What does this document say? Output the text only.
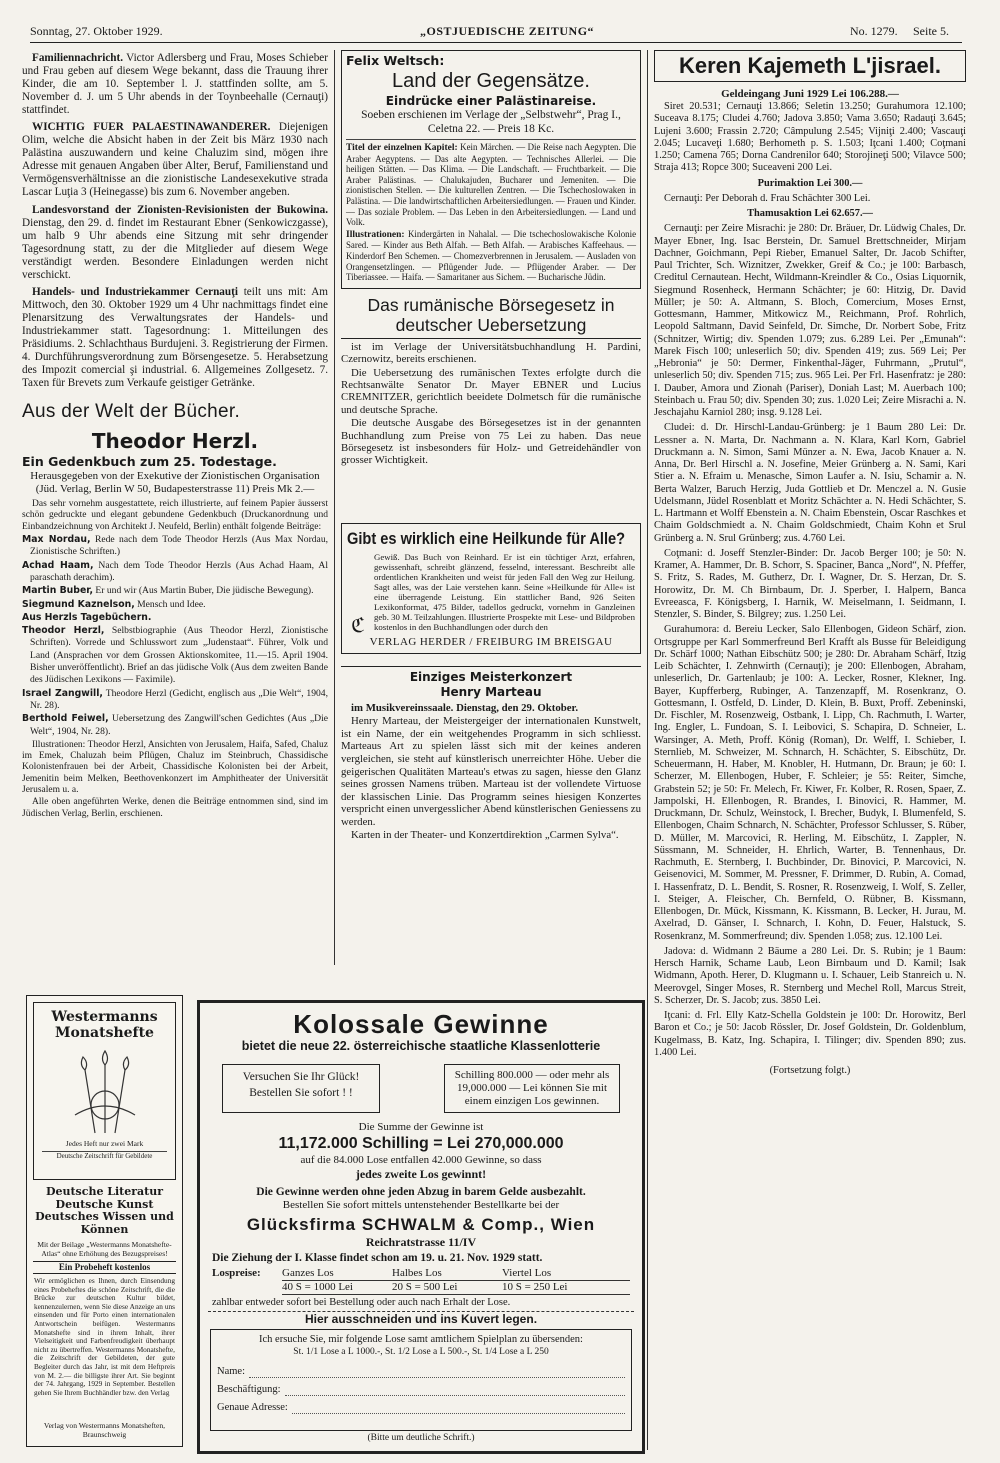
Sonntag, 27. Oktober 1929.	„OSTJUEDISCHE ZEITUNG“	No. 1279. Seite 5.

Familiennachricht. Victor Adlersberg und Frau, Moses Schieber und Frau geben auf diesem Wege bekannt, dass die Trauung ihrer Kinder, die am 10. September l. J. stattfinden sollte, am 5. November d. J. um 5 Uhr abends in der Toynbeehalle (Cernauţi) stattfindet.

WICHTIG FUER PALAESTINAWANDERER. Diejenigen Olim, welche die Absicht haben in der Zeit bis März 1930 nach Palästina auszuwandern und keine Chaluzim sind, mögen ihre Adresse mit genauen Angaben über Alter, Beruf, Familienstand und Vermögensverhältnisse an die zionistische Landesexekutive strada Lascar Luţia 3 (Heinegasse) bis zum 6. November angeben.

Landesvorstand der Zionisten-Revisionisten der Bukowina. Dienstag, den 29. d. findet im Restaurant Ebner (Senkowiczgasse), um halb 9 Uhr abends eine Sitzung mit sehr dringender Tagesordnung statt, zu der die Mitglieder auf diesem Wege verständigt werden. Besondere Einladungen werden nicht verschickt.

Handels- und Industriekammer Cernauţi teilt uns mit: Am Mittwoch, den 30. Oktober 1929 um 4 Uhr nachmittags findet eine Plenarsitzung des Verwaltungsrates der Handels- und Industriekammer statt. Tagesordnung: 1. Mitteilungen des Präsidiums. 2. Schlachthaus Burdujeni. 3. Registrierung der Firmen. 4. Durchführungsverordnung zum Börsengesetze. 5. Herabsetzung des Impozit comercial şi industrial. 6. Allgemeines Zollgesetz. 7. Taxen für Brevets zum Verkaufe geistiger Getränke.

Aus der Welt der Bücher.
Theodor Herzl.
Ein Gedenkbuch zum 25. Todestage.
Herausgegeben von der Exekutive der Zionistischen Organisation (Jüd. Verlag, Berlin W 50, Budapesterstrasse 11) Preis Mk 2.—

Das sehr vornehm ausgestattete, reich illustrierte, auf feinem Papier äusserst schön gedruckte und elegant gebundene Gedenkbuch (Druckanordnung und Einbandzeichnung von Architekt J. Neufeld, Berlin) enthält folgende Beiträge:

Max Nordau, Rede nach dem Tode Theodor Herzls (Aus Max Nordau, Zionistische Schriften.)

Achad Haam, Nach dem Tode Theodor Herzls (Aus Achad Haam, Al paraschath derachim).

Martin Buber, Er und wir (Aus Martin Buber, Die jüdische Bewegung).

Siegmund Kaznelson, Mensch und Idee.

Aus Herzls Tagebüchern.

Theodor Herzl, Selbstbiographie (Aus Theodor Herzl, Zionistische Schriften). Vorrede und Schlusswort zum „Judenstaat“. Führer, Volk und Land (Ansprachen vor dem Grossen Aktionskomitee, 11.—15. April 1904. Bisher unveröffentlicht). Brief an das jüdische Volk (Aus dem zweiten Bande des Jüdischen Lexikons — Faximile).

Israel Zangwill, Theodore Herzl (Gedicht, englisch aus „Die Welt“, 1904, Nr. 28).

Berthold Feiwel, Uebersetzung des Zangwill'schen Gedichtes (Aus „Die Welt“, 1904, Nr. 28).

Illustrationen: Theodor Herzl, Ansichten von Jerusalem, Haifa, Safed, Chaluz im Emek, Chaluzah beim Pflügen, Chaluz im Steinbruch, Chassidische Kolonistenfrauen bei der Arbeit, Chassidische Kolonisten bei der Arbeit, Jemenitin beim Melken, Beethovenkonzert im Amphitheater der Universität Jerusalem u. a.

Alle oben angeführten Werke, denen die Beiträge entnommen sind, sind im Jüdischen Verlag, Berlin, erschienen.

Felix Weltsch:
Land der Gegensätze.
Eindrücke einer Palästinareise.
Soeben erschienen im Verlage der „Selbstwehr“, Prag I., Celetna 22. — Preis 18 Kc.

Titel der einzelnen Kapitel: Kein Märchen. — Die Reise nach Aegypten. Die Araber Aegyptens. — Das alte Aegypten. — Technisches Allerlei. — Die heiligen Stätten. — Das Klima. — Die Landschaft. — Fruchtbarkeit. — Die Araber Palästinas. — Chalukajuden, Bucharer und Jemeniten. — Die zionistischen Stellen. — Die kulturellen Zentren. — Die Tschechoslowaken in Palästina. — Die landwirtschaftlichen Arbeitersiedlungen. — Frauen und Kinder. — Das soziale Problem. — Das Leben in den Arbeitersiedlungen. — Land und Volk.

Illustrationen: Kindergärten in Nahalal. — Die tschechoslowakische Kolonie Sared. — Kinder aus Beth Alfah. — Beth Alfah. — Arabisches Kaffeehaus. — Kinderdorf Ben Schemen. — Chomezverbrennen in Jerusalem. — Ausladen von Orangensetzlingen. — Pflügender Jude. — Pflügender Araber. — Der Tiberiassee. — Haifa. — Samaritaner aus Sichem. — Bucharische Jüdin.

Das rumänische Börsegesetz in deutscher Uebersetzung

ist im Verlage der Universitätsbuchhandlung H. Pardini, Czernowitz, bereits erschienen.

Die Uebersetzung des rumänischen Textes erfolgte durch die Rechtsanwälte Senator Dr. Mayer EBNER und Lucius CREMNITZER, gerichtlich beeidete Dolmetsch für die rumänische und deutsche Sprache.

Die deutsche Ausgabe des Börsegesetzes ist in der genannten Buchhandlung zum Preise von 75 Lei zu haben. Das neue Börsegesetz ist insbesonders für Holz- und Getreidehändler von grosser Wichtigkeit.

Gibt es wirklich eine Heilkunde für Alle?
ℭ

Gewiß. Das Buch von Reinhard. Er ist ein tüchtiger Arzt, erfahren, gewissenhaft, schreibt glänzend, fesselnd, interessant. Beschreibt alle ordentlichen Krankheiten und weist für jeden Fall den Weg zur Heilung. Sagt alles, was der Laie verstehen kann. Seine »Heilkunde für Alle« ist eine überragende Leistung. Ein stattlicher Band, 926 Seiten Lexikonformat, 475 Bilder, tadellos gedruckt, vornehm in Ganzleinen geb. 30 M. Teilzahlungen. Illustrierte Prospekte mit Lese- und Bildproben kostenlos in den Buchhandlungen oder durch den

VERLAG HERDER / FREIBURG IM BREISGAU
Einziges Meisterkonzert
Henry Marteau

im Musikvereinssaale. Dienstag, den 29. Oktober.

Henry Marteau, der Meistergeiger der internationalen Kunstwelt, ist ein Name, der ein weitgehendes Programm in sich schliesst. Marteaus Art zu spielen lässt sich mit der keines anderen vergleichen, sie steht auf künstlerisch unerreichter Höhe. Ueber die geigerischen Qualitäten Marteau's etwas zu sagen, hiesse den Glanz seines grossen Namens trüben. Marteau ist der vollendete Virtuose der klassischen Linie. Das Programm seines hiesigen Konzertes verspricht einen unvergesslicher Abend künstlerischen Geniessens zu werden.

Karten in der Theater- und Konzertdirektion „Carmen Sylva“.

Keren Kajemeth L'jisrael.
Geldeingang Juni 1929 Lei 106.288.—

Siret 20.531; Cernauţi 13.866; Seletin 13.250; Gurahumora 12.100; Suceava 8.175; Cludei 4.760; Jadova 3.850; Vama 3.650; Radauţi 3.645; Lujeni 3.600; Frassin 2.720; Câmpulung 2.545; Vijniţi 2.400; Vascauţi 2.045; Lucaveţi 1.680; Berhometh p. S. 1.503; Iţcani 1.400; Coţmani 1.250; Camena 765; Dorna Candrenilor 640; Storojineţi 500; Vilavce 500; Straja 413; Ropce 300; Suceaveni 200 Lei.

Purimaktion Lei 300.—

Cernauţi: Per Deborah d. Frau Schächter 300 Lei.

Thamusaktion Lei 62.657.—

Cernauţi: per Zeire Misrachi: je 280: Dr. Bräuer, Dr. Lüdwig Chales, Dr. Mayer Ebner, Ing. Isac Berstein, Dr. Samuel Brettschneider, Mirjam Dachner, Goichmann, Pepi Rieber, Emanuel Salter, Dr. Jacob Schifter, Paul Trichter, Sch. Wiznitzer, Zwekker, Greif & Co.; je 100: Barbasch, Creditul Cernautean. Hecht, Wildmann-Kreindler & Co., Osias Liquornik, Siegmund Rosenheck, Hermann Schächter; je 60: Hitzig, Dr. David Müller; je 50: A. Altmann, S. Bloch, Comercium, Moses Ernst, Gottesmann, Hammer, Mitkowicz M., Reichmann, Prof. Rohrlich, Leopold Saltmann, David Seinfeld, Dr. Simche, Dr. Norbert Sobe, Fritz (Schnitzer, Wirtig; div. Spenden 1.079; zus. 6.289 Lei. Per „Emunah“: Marek Fisch 100; unleserlich 50; div. Spenden 419; zus. 569 Lei; Per „Hebronia“ je 50: Dermer, Finkenthal-Jäger, Fuhrmann, „Prutul“, unleserlich 50; div. Spenden 715; zus. 965 Lei. Per Frl. Hasenfratz: je 280: I. Dauber, Amora und Zionah (Pariser), Doniah Last; M. Auerbach 100; Steinbach u. Frau 50; div. Spenden 30; zus. 1.020 Lei; Zeire Misrachi a. N. Jeschajahu Karniol 280; insg. 9.128 Lei.

Cludei: d. Dr. Hirschl-Landau-Grünberg: je 1 Baum 280 Lei: Dr. Lessner a. N. Marta, Dr. Nachmann a. N. Klara, Karl Korn, Gabriel Druckmann a. N. Simon, Sami Münzer a. N. Ewa, Jacob Knauer a. N. Anna, Dr. Berl Hirschl a. N. Josefine, Meier Grünberg a. N. Sami, Kari Stier a. N. Efraim u. Menasche, Simon Laufer a. N. Isiu, Schamir a. N. Berta Walzer, Baruch Herzig, Juda Gottlieb et Dr. Menczel a. N. Gusie Udelsmann, Jüdel Rosenblatt et Moritz Schächter a. N. Hedi Schächter, S. L. Hartmann et Wolff Ebenstein a. N. Chaim Ebenstein, Oscar Raschkes et Chaim Goldschmiedt a. N. Chaim Goldschmiedt, Chaim Kohn et Srul Grünberg a. N. Srul Grünberg; zus. 4.760 Lei.

Coţmani: d. Joseff Stenzler-Binder: Dr. Jacob Berger 100; je 50: N. Kramer, A. Hammer, Dr. B. Schorr, S. Spaciner, Banca „Nord“, N. Pfeffer, S. Fritz, S. Rades, M. Gutherz, Dr. I. Wagner, Dr. S. Herzan, Dr. S. Horowitz, Dr. M. Ch Birnbaum, Dr. J. Sperber, I. Halpern, Banca Evreeasca, F. Königsberg, I. Harnik, W. Meiselmann, I. Seidmann, I. Stenzler, S. Binder, S. Bilgrey; zus. 1.250 Lei.

Gurahumora: d. Bereiu Lecker, Salo Ellenbogen, Gideon Schärf, zion. Ortsgruppe per Karl Sommerfreund Berl Krafft als Busse für Beleidigung Dr. Schärf 1000; Nathan Eibschütz 500; je 280: Dr. Abraham Schärf, Itzig Leib Schächter, I. Zehnwirth (Cernauţi); je 200: Ellenbogen, Abraham, unleserlich, Dr. Gartenlaub; je 100: A. Lecker, Rosner, Klekner, Ing. Bayer, Kupfferberg, Rubinger, A. Tanzenzapff, M. Rosenkranz, O. Gottesmann, I. Ostfeld, D. Linder, D. Klein, B. Buxt, Proff. Zebeninski, Dr. Fischler, M. Rosenzweig, Ostbank, I. Lipp, Ch. Rachmuth, I. Warter, Ing. Engler, L. Fundoan, S. I. Leibovici, S. Schapira, D. Schneier, L. Warsinger, A. Meth, Proff. König (Roman), Dr. Welff, I. Schieber, I. Sternlieb, M. Schweizer, M. Schnarch, H. Schächter, S. Eibschütz, Dr. Scheuermann, H. Haber, M. Knobler, H. Hutmann, Dr. Braun; je 60: I. Scherzer, M. Ellenbogen, Huber, F. Schleier; je 55: Reiter, Simche, Grabstein 52; je 50: Fr. Melech, Fr. Kiwer, Fr. Kolber, R. Rosen, Spaer, Z. Jampolski, H. Ellenbogen, R. Brandes, I. Binovici, R. Hammer, M. Druckmann, Dr. Schulz, Weinstock, I. Brecher, Budyk, I. Blumenfeld, S. Ellenbogen, Chaim Schnarch, N. Schächter, Professor Schlusser, S. Rüber, D. Müller, M. Marcovici, R. Herling, M. Eibschütz, I. Zappler, N. Süssmann, M. Schneider, H. Ehrlich, Warter, B. Tennenhaus, Dr. Rachmuth, E. Sternberg, I. Buchbinder, Dr. Binovici, P. Marcovici, N. Geisenovici, M. Sommer, M. Pressner, F. Drimmer, D. Rubin, A. Comad, I. Hassenfratz, D. L. Bendit, S. Rosner, R. Rosenzweig, I. Wolf, S. Zeller, I. Steiger, A. Fleischer, Ch. Bernfeld, O. Rübner, B. Kissmann, Ellenbogen, Dr. Mück, Kissmann, K. Kissmann, B. Lecker, H. Jurau, M. Axelrad, D. Gänser, I. Schnarch, I. Kohn, D. Feuer, Halstuck, S. Rosenkranz, M. Sommerfreund; div. Spenden 1.058; zus. 12.100 Lei.

Jadova: d. Widmann 2 Bäume a 280 Lei. Dr. S. Rubin; je 1 Baum: Hersch Harnik, Schame Laub, Leon Birnbaum und D. Kamil; Isak Widmann, Apoth. Herer, D. Klugmann u. I. Schauer, Leib Stanreich u. N. Meerovgel, Singer Moses, R. Sternberg und Mechel Roll, Marcus Streit, S. Scherzer, Dr. S. Jacob; zus. 3850 Lei.

Iţcani: d. Frl. Elly Katz-Schella Goldstein je 100: Dr. Horowitz, Berl Baron et Co.; je 50: Jacob Rössler, Dr. Josef Goldstein, Dr. Goldenblum, Kugelmass, B. Katz, Ing. Schapira, I. Tilinger; div. Spenden 890; zus. 1.400 Lei.

(Fortsetzung folgt.)
Westermanns
Monatshefte
Jedes Heft nur zwei Mark
Deutsche Zeitschrift für Gebildete
Deutsche Literatur Deutsche Kunst Deutsches Wissen und Können
Mit der Beilage „Westermanns Monatshefte-Atlas“ ohne Erhöhung des Bezugspreises!
Ein Probeheft kostenlos
Wir ermöglichen es Ihnen, durch Einsendung eines Probeheftes die schöne Zeitschrift, die die Brücke zur deutschen Kultur bildet, kennenzulernen, wenn Sie diese Anzeige an uns einsenden und für Porto einen internationalen Antwortschein beifügen. Westermanns Monatshefte sind in ihrem Inhalt, ihrer Vielseitigkeit und Farbenfreudigkeit überhaupt nicht zu übertreffen. Westermanns Monatshefte, die Zeitschrift der Gebildeten, der gute Begleiter durch das Jahr, ist mit dem Heftpreis von M. 2.— die billigste ihrer Art. Sie beginnt der 74. Jahrgang, 1929 in September. Bestellen gehen Sie Ihrem Buchhändler bzw. den Verlag
Verlag von Westermanns Monatsheften, Braunschweig
Kolossale Gewinne
bietet die neue 22. österreichische staatliche Klassenlotterie
Versuchen Sie Ihr Glück! Bestellen Sie sofort ! !
Schilling 800.000 — oder mehr als 19,000.000 — Lei können Sie mit einem einzigen Los gewinnen.
Die Summe der Gewinne ist
11,172.000 Schilling = Lei 270,000.000
auf die 84.000 Lose entfallen 42.000 Gewinne, so dass
jedes zweite Los gewinnt!
Die Gewinne werden ohne jeden Abzug in barem Gelde ausbezahlt.
Bestellen Sie sofort mittels untenstehender Bestellkarte bei der
Glücksfirma SCHWALM & Comp., Wien
Reichratstrasse 11/IV
Die Ziehung der I. Klasse findet schon am 19. u. 21. Nov. 1929 statt.
Lospreise:	Ganzes Los	Halbes Los	Viertel Los
40 S = 1000 Lei	20 S = 500 Lei	10 S = 250 Lei
zahlbar entweder sofort bei Bestellung oder auch nach Erhalt der Lose.
Hier ausschneiden und ins Kuvert legen.
Ich ersuche Sie, mir folgende Lose samt amtlichem Spielplan zu übersenden:
St. 1/1 Lose a L 1000.-, St. 1/2 Lose a L 500.-, St. 1/4 Lose a L 250
Name:
Beschäftigung:
Genaue Adresse:
(Bitte um deutliche Schrift.)
